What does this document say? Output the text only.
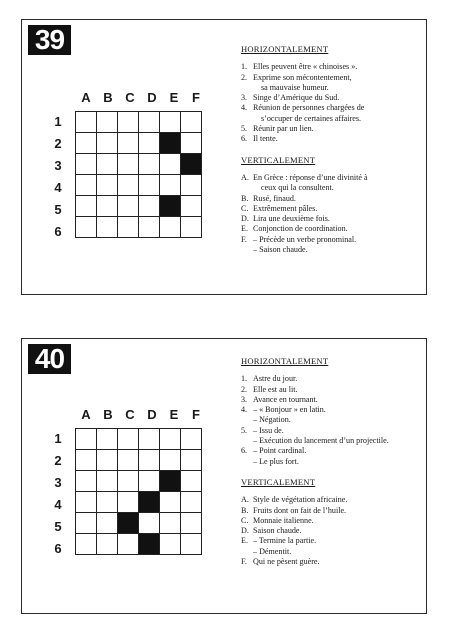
39
A B C D E	F
1
2
3
4
5
6
HORIZONTALEMENT
1. Elles peuvent être « chinoises ».
2. Exprime son mécontentement,
sa mauvaise humeur.
3. Singe d’Amérique du Sud.
4. Réunion de personnes chargées de
s’occuper de certaines affaires.
5. Réunir par un lien.
6. Il tente.
VERTICALEMENT
A. En Grèce : réponse d’une divinité à
ceux qui la consultent.
B. Rusé, finaud.
C. Extrêmement pâles.
D. Lira une deuxième fois.
E. Conjonction de coordination.
F. – Précède un verbe pronominal.
– Saison chaude.
40
A B C D E	F
1
2
3
4
5
6
HORIZONTALEMENT
1. Astre du jour.
2. Elle est au lit.
3. Avance en tournant.
4. – « Bonjour » en latin.
– Négation.
5. – Issu de.
– Exécution du lancement d’un projectile.
6. – Point cardinal.
– Le plus fort.
VERTICALEMENT
A. Style de végétation africaine.
B. Fruits dont on fait de l’huile.
C. Monnaie italienne.
D. Saison chaude.
E. – Termine la partie.
– Démentit.
F. Qui ne pèsent guère.
